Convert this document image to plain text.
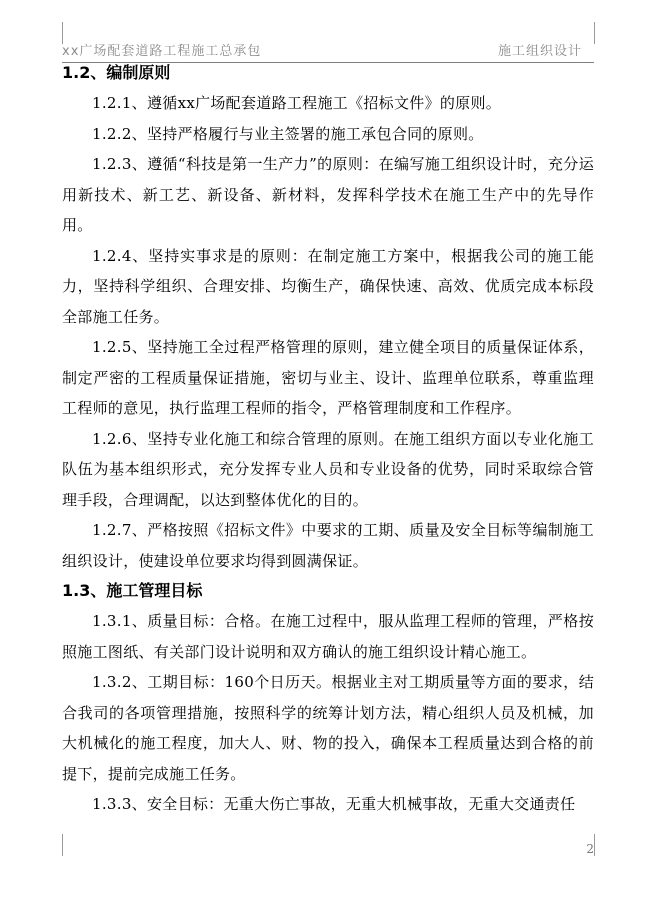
xx广场配套道路工程施工总承包	施工组织设计
1.2、编制原则

1.2.1、遵循xx广场配套道路工程施工《招标文件》的原则。

1.2.2、坚持严格履行与业主签署的施工承包合同的原则。

1.2.3、遵循“科技是第一生产力”的原则：在编写施工组织设计时，充分运用新技术、新工艺、新设备、新材料，发挥科学技术在施工生产中的先导作用。

1.2.4、坚持实事求是的原则：在制定施工方案中，根据我公司的施工能力，坚持科学组织、合理安排、均衡生产，确保快速、高效、优质完成本标段全部施工任务。

1.2.5、坚持施工全过程严格管理的原则，建立健全项目的质量保证体系，制定严密的工程质量保证措施，密切与业主、设计、监理单位联系，尊重监理工程师的意见，执行监理工程师的指令，严格管理制度和工作程序。

1.2.6、坚持专业化施工和综合管理的原则。在施工组织方面以专业化施工队伍为基本组织形式，充分发挥专业人员和专业设备的优势，同时采取综合管理手段，合理调配，以达到整体优化的目的。

1.2.7、严格按照《招标文件》中要求的工期、质量及安全目标等编制施工组织设计，使建设单位要求均得到圆满保证。

1.3、施工管理目标

1.3.1、质量目标：合格。在施工过程中，服从监理工程师的管理，严格按照施工图纸、有关部门设计说明和双方确认的施工组织设计精心施工。

1.3.2、工期目标：160个日历天。根据业主对工期质量等方面的要求，结合我司的各项管理措施，按照科学的统筹计划方法，精心组织人员及机械，加大机械化的施工程度，加大人、财、物的投入，确保本工程质量达到合格的前提下，提前完成施工任务。

1.3.3、安全目标：无重大伤亡事故，无重大机械事故，无重大交通责任

2
